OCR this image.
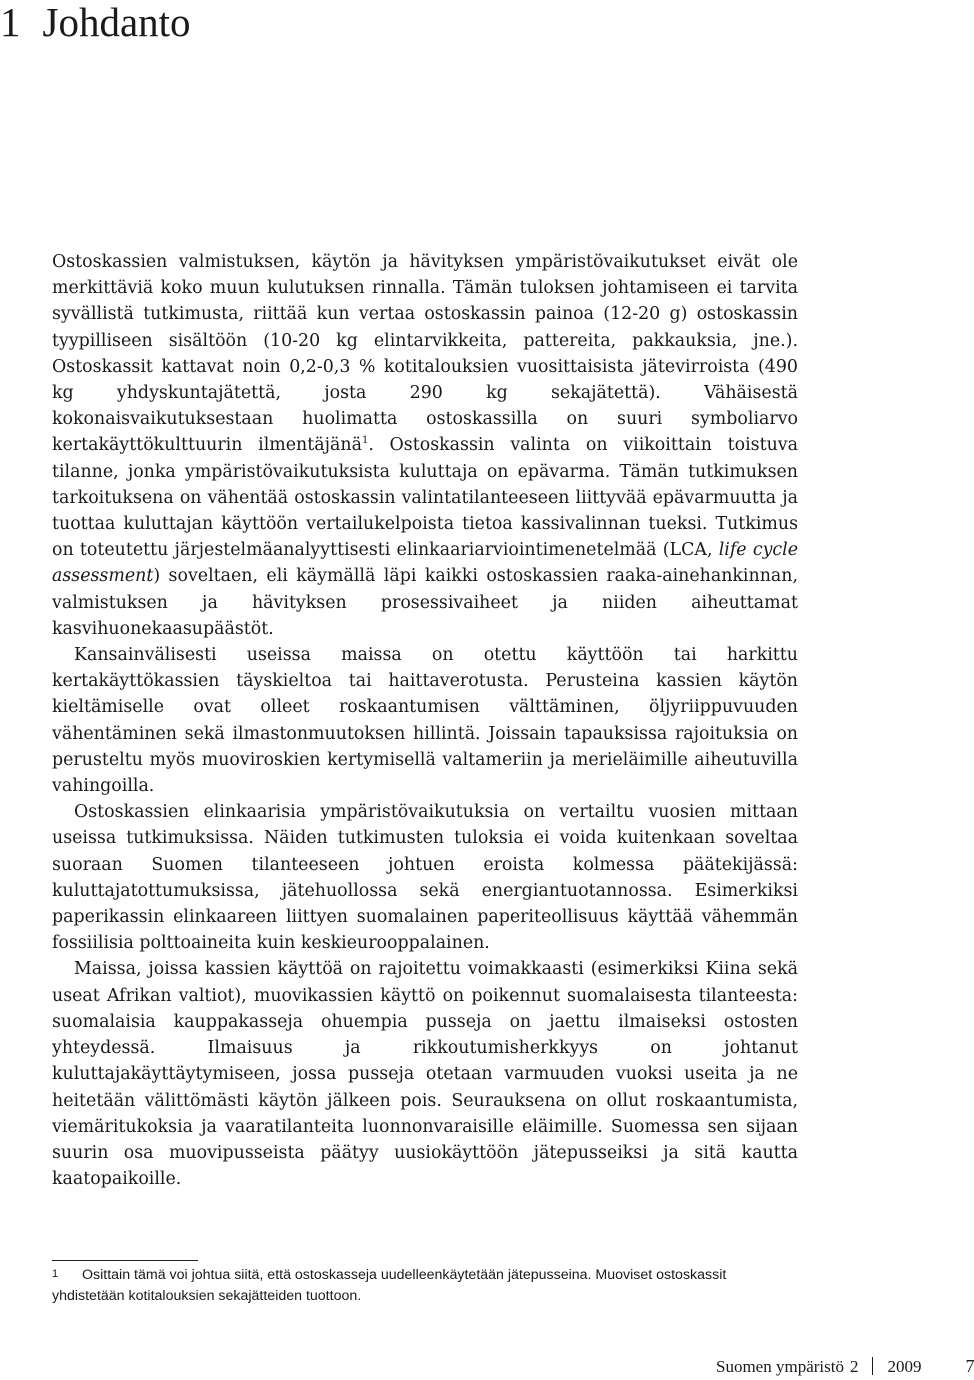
1 Johdanto

Ostoskassien valmistuksen, käytön ja hävityksen ympäristövaikutukset eivät ole merkittäviä koko muun kulutuksen rinnalla. Tämän tuloksen johtamiseen ei tarvita syvällistä tutkimusta, riittää kun vertaa ostoskassin painoa (12-20 g) ostoskassin tyypilliseen sisältöön (10-20 kg elintarvikkeita, pattereita, pakkauksia, jne.). Ostoskassit kattavat noin 0,2-0,3 % kotitalouksien vuosittaisista jätevirroista (490 kg yhdyskuntajätettä, josta 290 kg sekajätettä). Vähäisestä kokonaisvaikutuksestaan huolimatta ostoskassilla on suuri symboliarvo kertakäyttökulttuurin ilmentäjänä$^1$. Ostoskassin valinta on viikoittain toistuva tilanne, jonka ympäristövaikutuksista kuluttaja on epävarma. Tämän tutkimuksen tarkoituksena on vähentää ostoskassin valintatilanteeseen liittyvää epävarmuutta ja tuottaa kuluttajan käyttöön vertailukelpoista tietoa kassivalinnan tueksi. Tutkimus on toteutettu järjestelmäanalyyttisesti elinkaariarviointimenetelmää (LCA, life cycle assessment) soveltaen, eli käymällä läpi kaikki ostoskassien raaka-ainehankinnan, valmistuksen ja hävityksen prosessivaiheet ja niiden aiheuttamat kasvihuonekaasupäästöt.

Kansainvälisesti useissa maissa on otettu käyttöön tai harkittu kertakäyttökassien täyskieltoa tai haittaverotusta. Perusteina kassien käytön kieltämiselle ovat olleet roskaantumisen välttäminen, öljyriippuvuuden vähentäminen sekä ilmastonmuutoksen hillintä. Joissain tapauksissa rajoituksia on perusteltu myös muoviroskien kertymisellä valtameriin ja merieläimille aiheutuvilla vahingoilla.

Ostoskassien elinkaarisia ympäristövaikutuksia on vertailtu vuosien mittaan useissa tutkimuksissa. Näiden tutkimusten tuloksia ei voida kuitenkaan soveltaa suoraan Suomen tilanteeseen johtuen eroista kolmessa päätekijässä: kuluttajatottumuksissa, jätehuollossa sekä energiantuotannossa. Esimerkiksi paperikassin elinkaareen liittyen suomalainen paperiteollisuus käyttää vähemmän fossiilisia polttoaineita kuin keskieurooppalainen.

Maissa, joissa kassien käyttöä on rajoitettu voimakkaasti (esimerkiksi Kiina sekä useat Afrikan valtiot), muovikassien käyttö on poikennut suomalaisesta tilanteesta: suomalaisia kauppakasseja ohuempia pusseja on jaettu ilmaiseksi ostosten yhteydessä. Ilmaisuus ja rikkoutumisherkkyys on johtanut kuluttajakäyttäytymiseen, jossa pusseja otetaan varmuuden vuoksi useita ja ne heitetään välittömästi käytön jälkeen pois. Seurauksena on ollut roskaantumista, viemäritukoksia ja vaaratilanteita luonnonvaraisille eläimille. Suomessa sen sijaan suurin osa muovipusseista päätyy uusiokäyttöön jätepusseiksi ja sitä kautta kaatopaikoille.

1 Osittain tämä voi johtua siitä, että ostoskasseja uudelleenkäytetään jätepusseina. Muoviset ostoskassit yhdistetään kotitalouksien sekajätteiden tuottoon.

Suomen ympäristö 2 2009 7
